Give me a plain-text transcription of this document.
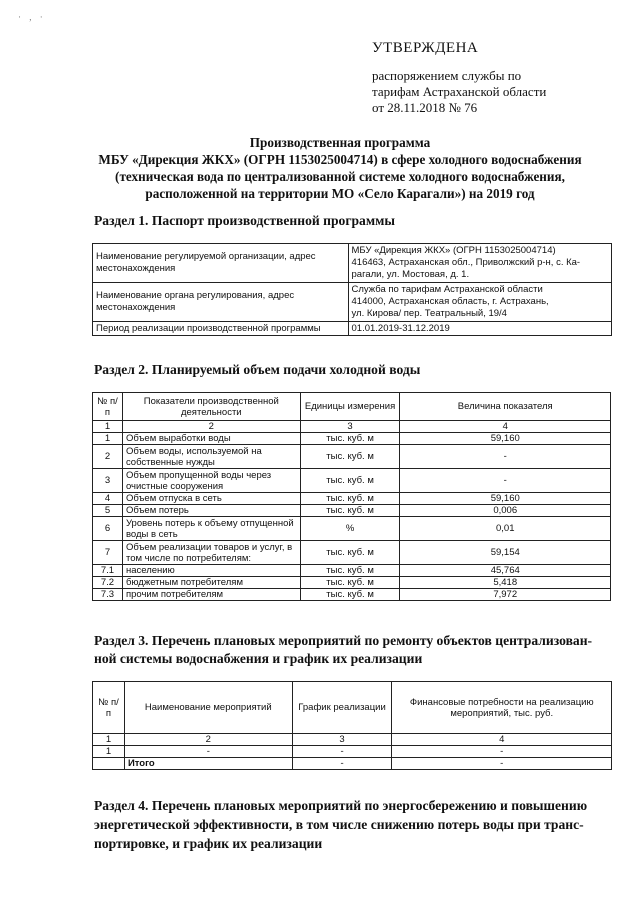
· , ·
УТВЕРЖДЕНА
распоряжением службы по
тарифам Астраханской области
от 28.11.2018 № 76
Производственная программа
МБУ «Дирекция ЖКХ» (ОГРН 1153025004714) в сфере холодного водоснабжения
(техническая вода по централизованной системе холодного водоснабжения,
расположенной на территории МО «Село Карагали») на 2019 год
Раздел 1. Паспорт производственной программы
Наименование регулируемой организации, адрес местонахождения	МБУ «Дирекция ЖКХ» (ОГРН 1153025004714)
416463, Астраханская обл., Приволжский р-н, с. Ка-
рагали, ул. Мостовая, д. 1.

Наименование органа регулирования, адрес местонахождения	Служба по тарифам Астраханской области
414000, Астраханская область, г. Астрахань,
ул. Кирова/ пер. Театральный, 19/4

Период реализации производственной программы	01.01.2019-31.12.2019
Раздел 2. Планируемый объем подачи холодной воды
№ п/п	Показатели производственной деятельности	Единицы измерения	Величина показателя
1	2	3	4
1	Объем выработки воды	тыс. куб. м	59,160
2	Объем воды, используемой на собственные нужды	тыс. куб. м	-
3	Объем пропущенной воды через очистные сооружения	тыс. куб. м	-
4	Объем отпуска в сеть	тыс. куб. м	59,160
5	Объем потерь	тыс. куб. м	0,006
6	Уровень потерь к объему отпущенной воды в сеть	%	0,01
7	Объем реализации товаров и услуг, в том числе по потребителям:	тыс. куб. м	59,154
7.1	населению	тыс. куб. м	45,764
7.2	бюджетным потребителям	тыс. куб. м	5,418
7.3	прочим потребителям	тыс. куб. м	7,972
Раздел 3. Перечень плановых мероприятий по ремонту объектов централизован-
ной системы водоснабжения и график их реализации
№ п/п	Наименование мероприятий	График реализации	Финансовые потребности на реализацию мероприятий, тыс. руб.
1	2	3	4
1	-	-	-
	Итого	-	-
Раздел 4. Перечень плановых мероприятий по энергосбережению и повышению
энергетической эффективности, в том числе снижению потерь воды при транс-
портировке, и график их реализации
